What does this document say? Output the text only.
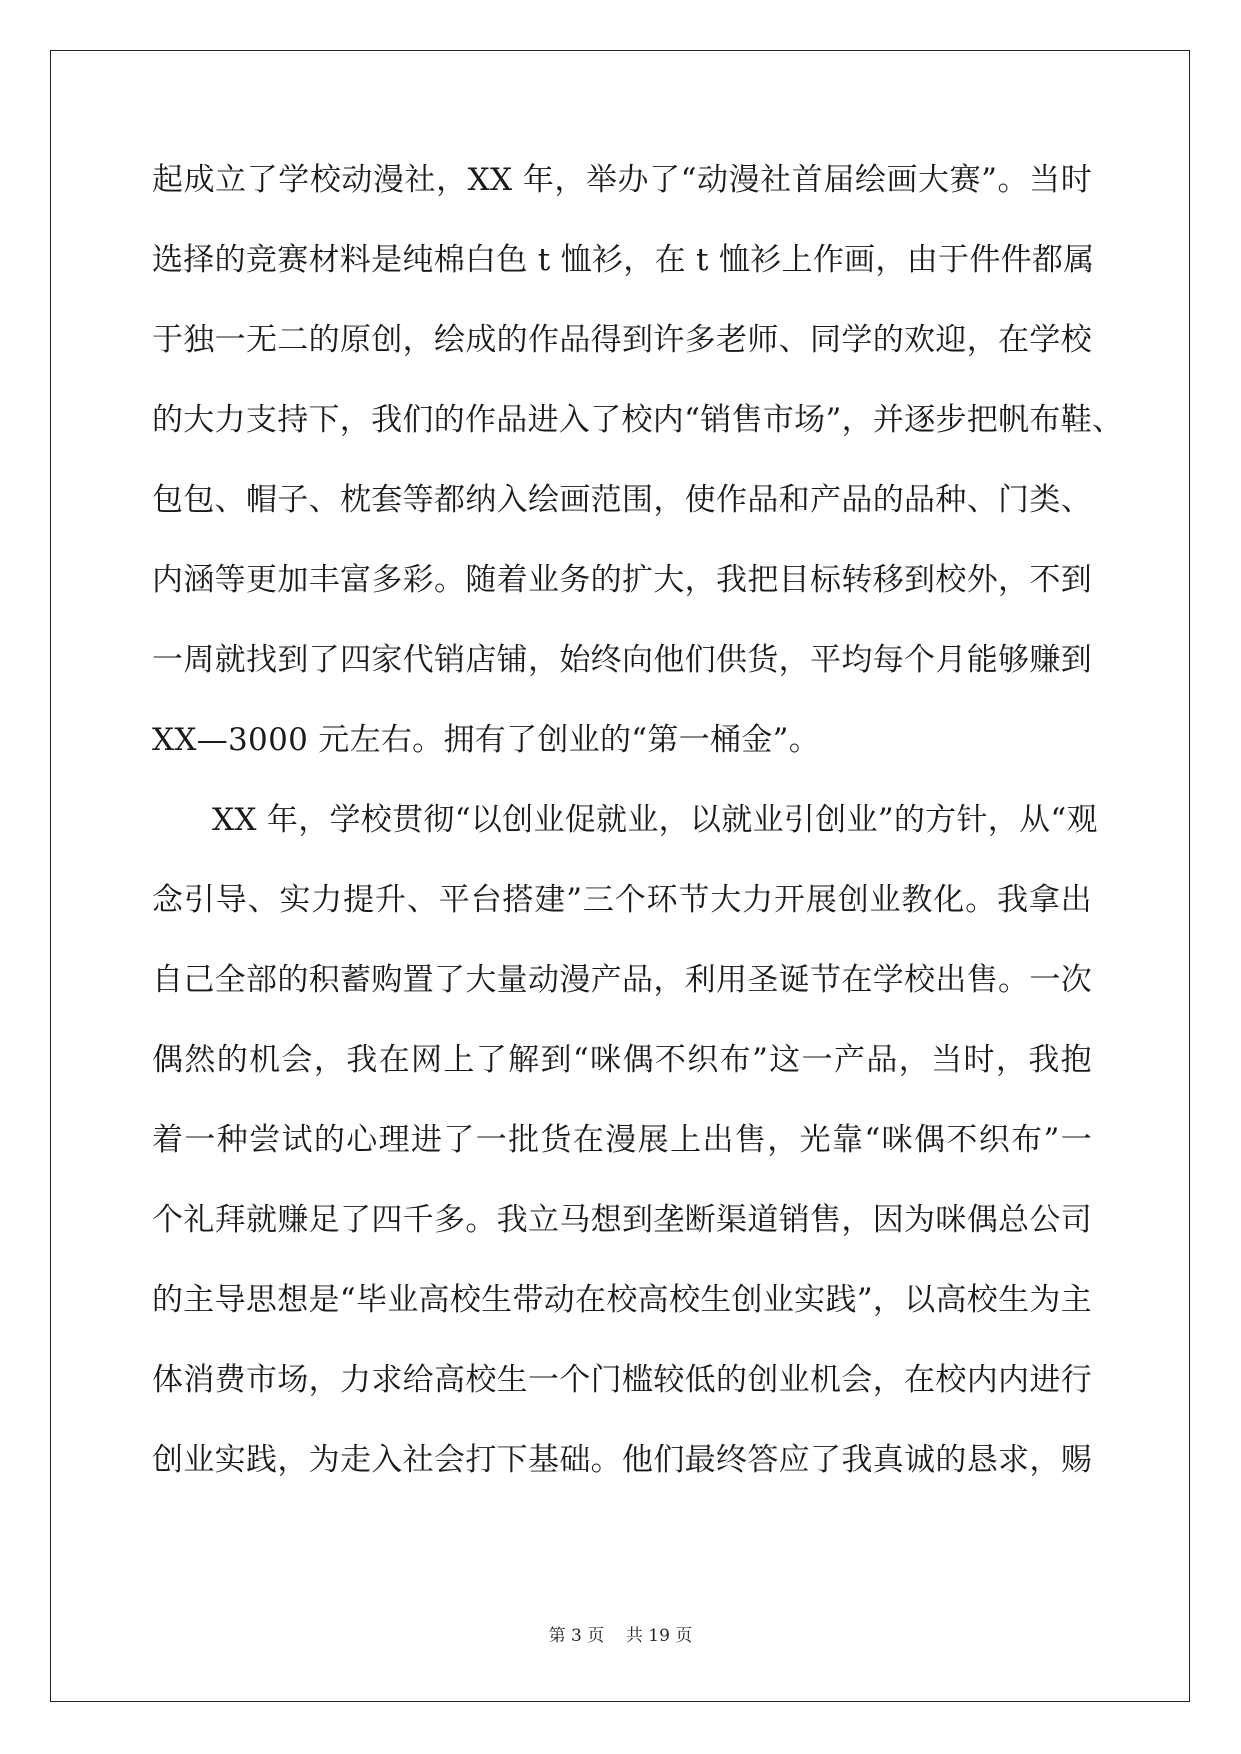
起成立了学校动漫社，XX 年，举办了“动漫社首届绘画大赛”。当时
选择的竞赛材料是纯棉白色 t 恤衫，在 t 恤衫上作画，由于件件都属
于独一无二的原创，绘成的作品得到许多老师、同学的欢迎，在学校
的大力支持下，我们的作品进入了校内“销售市场”，并逐步把帆布鞋、
包包、帽子、枕套等都纳入绘画范围，使作品和产品的品种、门类、
内涵等更加丰富多彩。随着业务的扩大，我把目标转移到校外，不到
一周就找到了四家代销店铺，始终向他们供货，平均每个月能够赚到
XX—3000 元左右。拥有了创业的“第一桶金”。
XX 年，学校贯彻“以创业促就业，以就业引创业”的方针，从“观
念引导、实力提升、平台搭建”三个环节大力开展创业教化。我拿出
自己全部的积蓄购置了大量动漫产品，利用圣诞节在学校出售。一次
偶然的机会，我在网上了解到“咪偶不织布”这一产品，当时，我抱
着一种尝试的心理进了一批货在漫展上出售，光靠“咪偶不织布”一
个礼拜就赚足了四千多。我立马想到垄断渠道销售，因为咪偶总公司
的主导思想是“毕业高校生带动在校高校生创业实践”，以高校生为主
体消费市场，力求给高校生一个门槛较低的创业机会，在校内内进行
创业实践，为走入社会打下基础。他们最终答应了我真诚的恳求，赐
第 3 页 共 19 页
